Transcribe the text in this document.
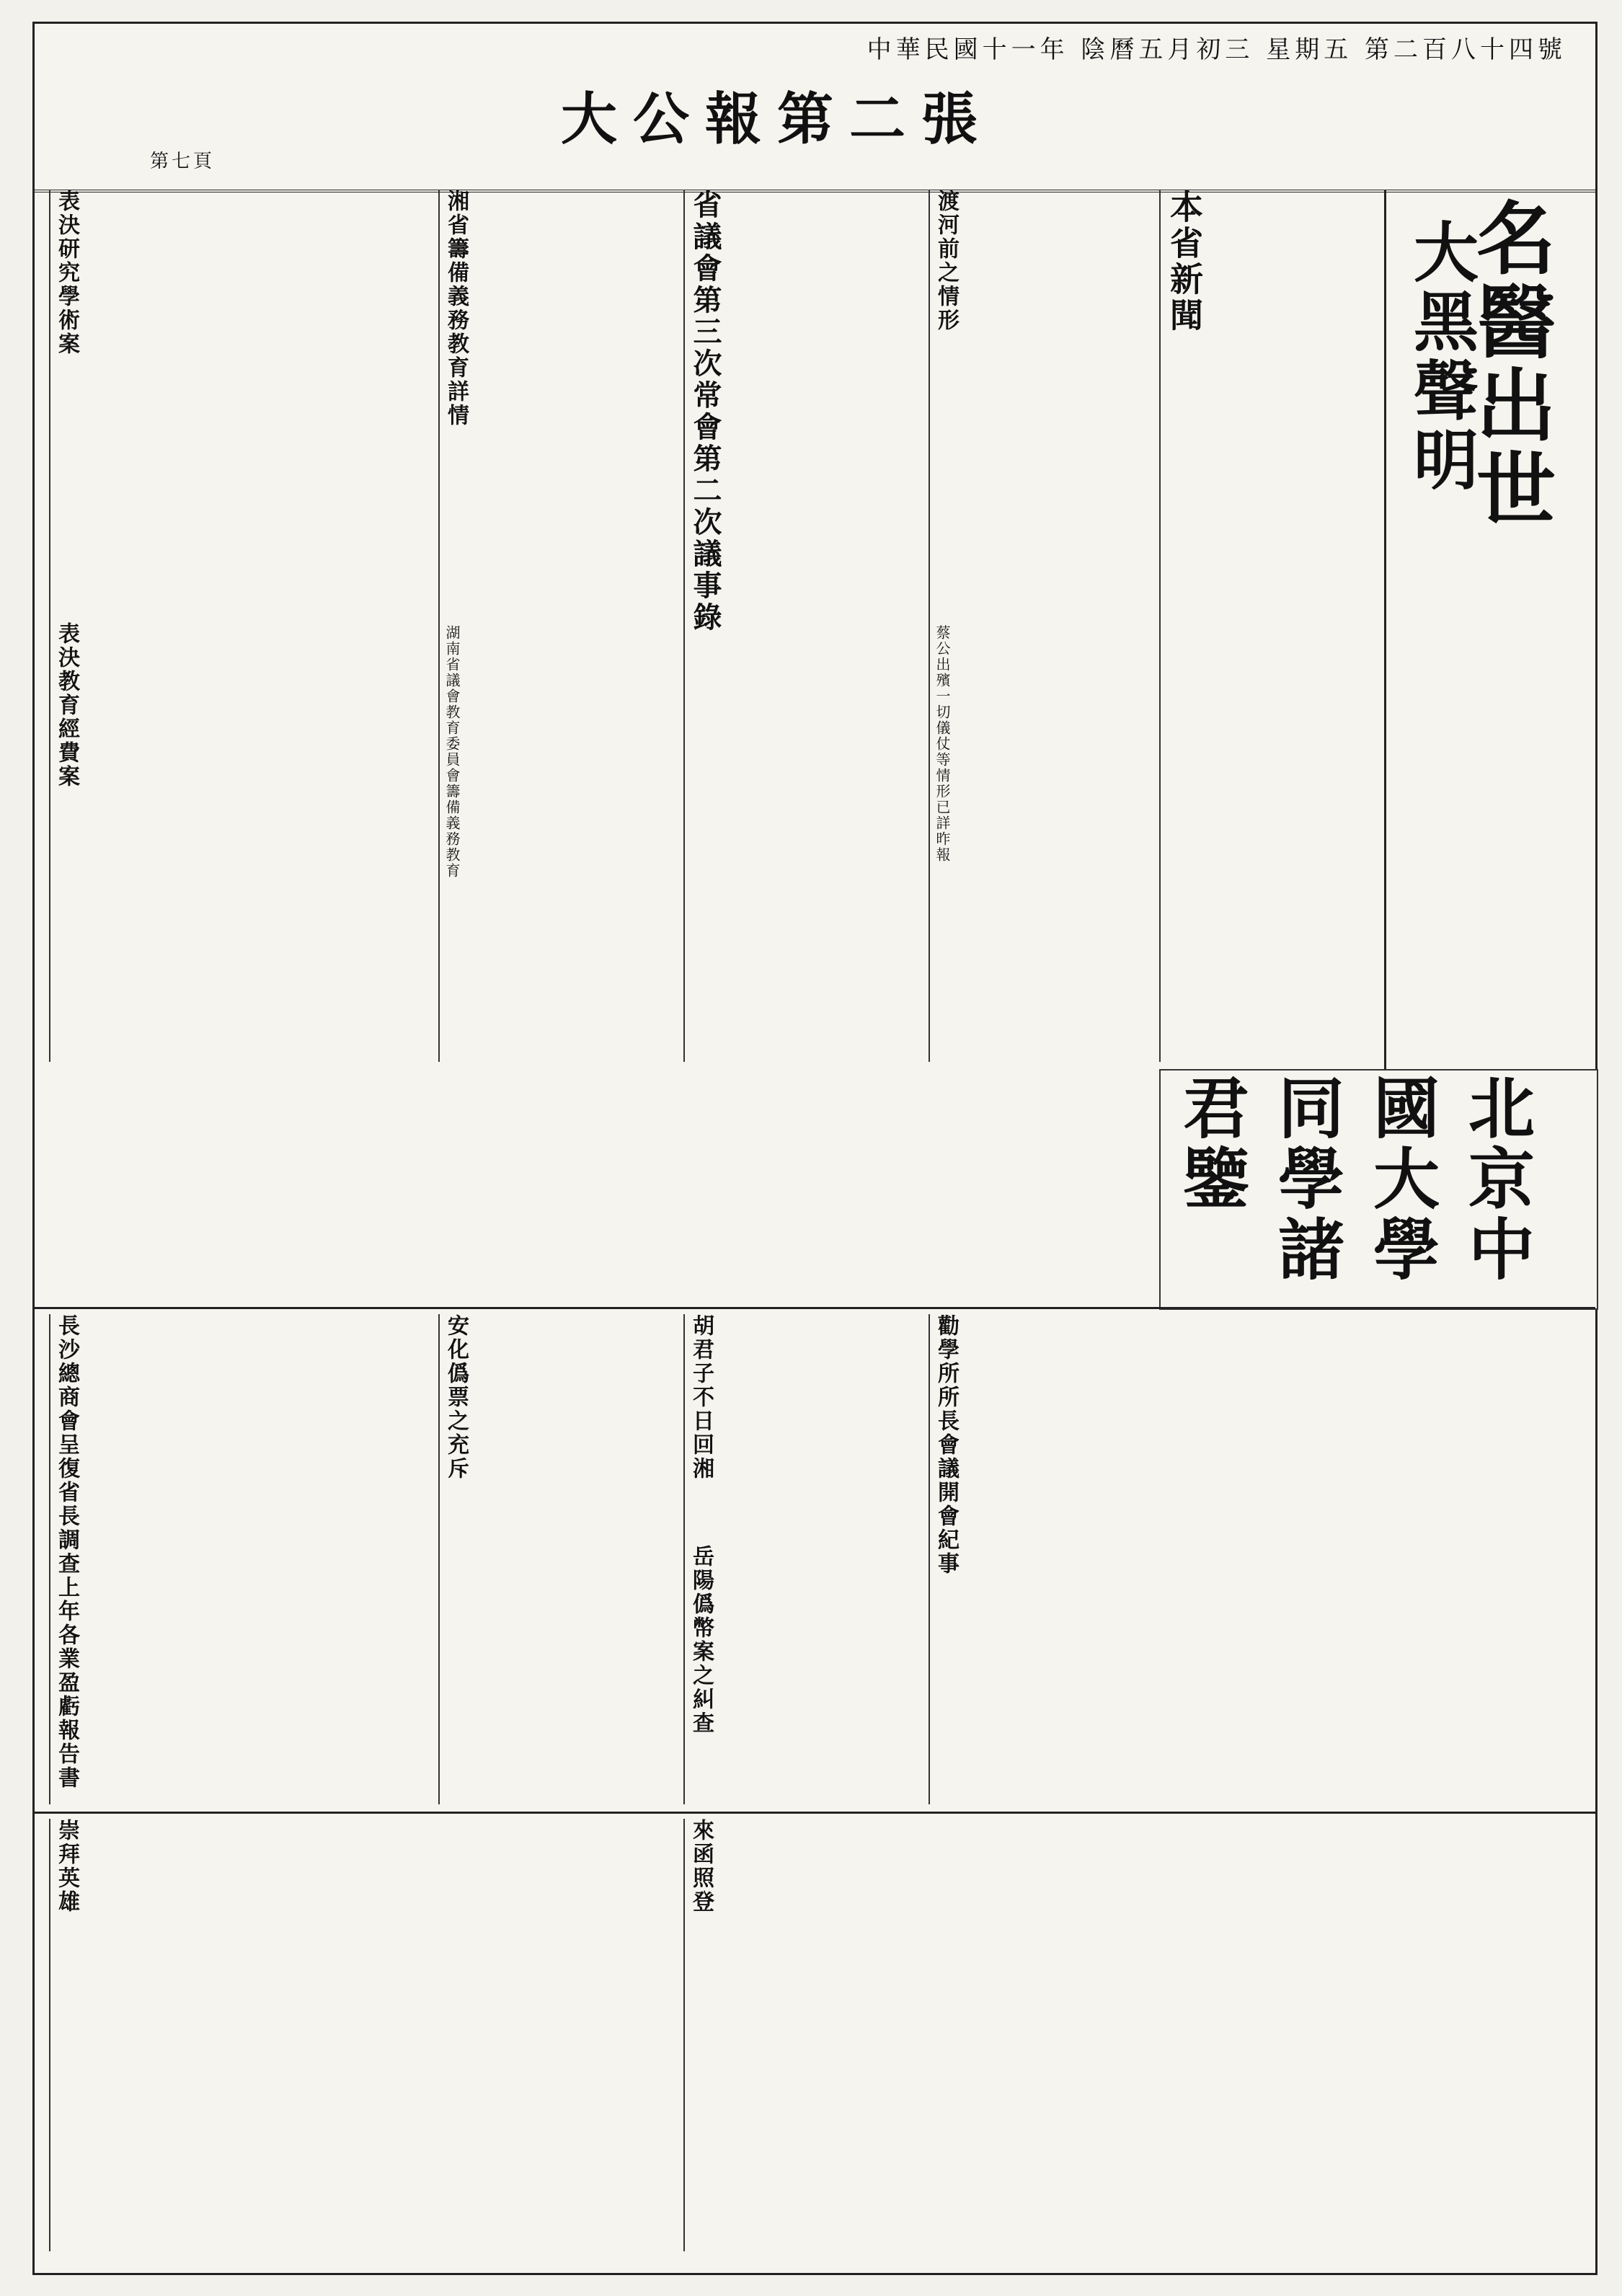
大公報第二張
中華民國十一年 陰曆五月初三 星期五 第二百八十四號
第七頁
名醫出世
大黑聲明
北京中國大學同學諸君鑒
本省新聞
渡河前之情形
蔡公出殯一切儀仗等情形已詳昨報
省議會第三次常會第二次議事錄
湘省籌備義務教育詳情
湖南省議會教育委員會籌備義務教育
表決研究學術案
表決教育經費案
勸學所所長會議開會紀事
胡君子不日回湘
岳陽僞幣案之糾查
安化僞票之充斥
長沙總商會呈復省長調查上年各業盈虧報告書
來函照登
崇拜英雄
